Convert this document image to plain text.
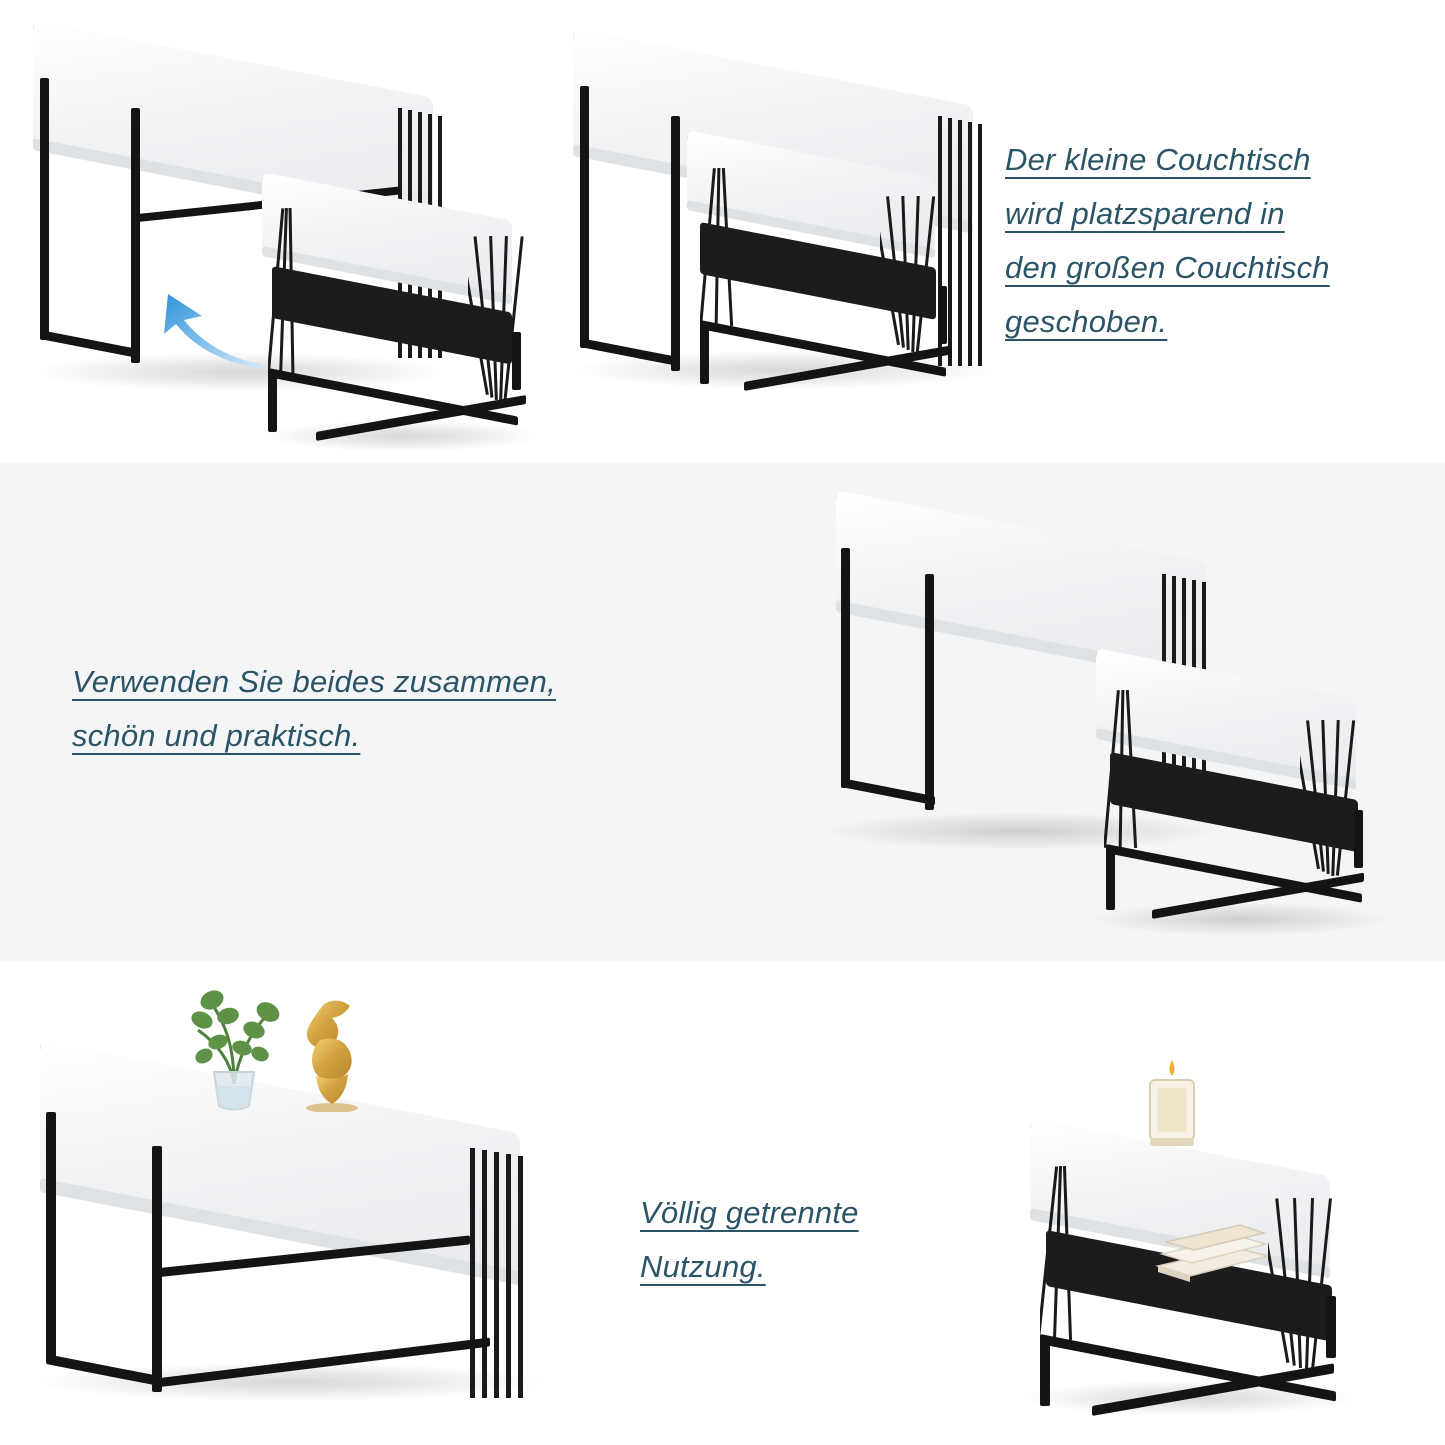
Der kleine Couchtisch
wird platzsparend in
den großen Couchtisch
geschoben.
Verwenden Sie beides zusammen,
schön und praktisch.
Völlig getrennte
Nutzung.
